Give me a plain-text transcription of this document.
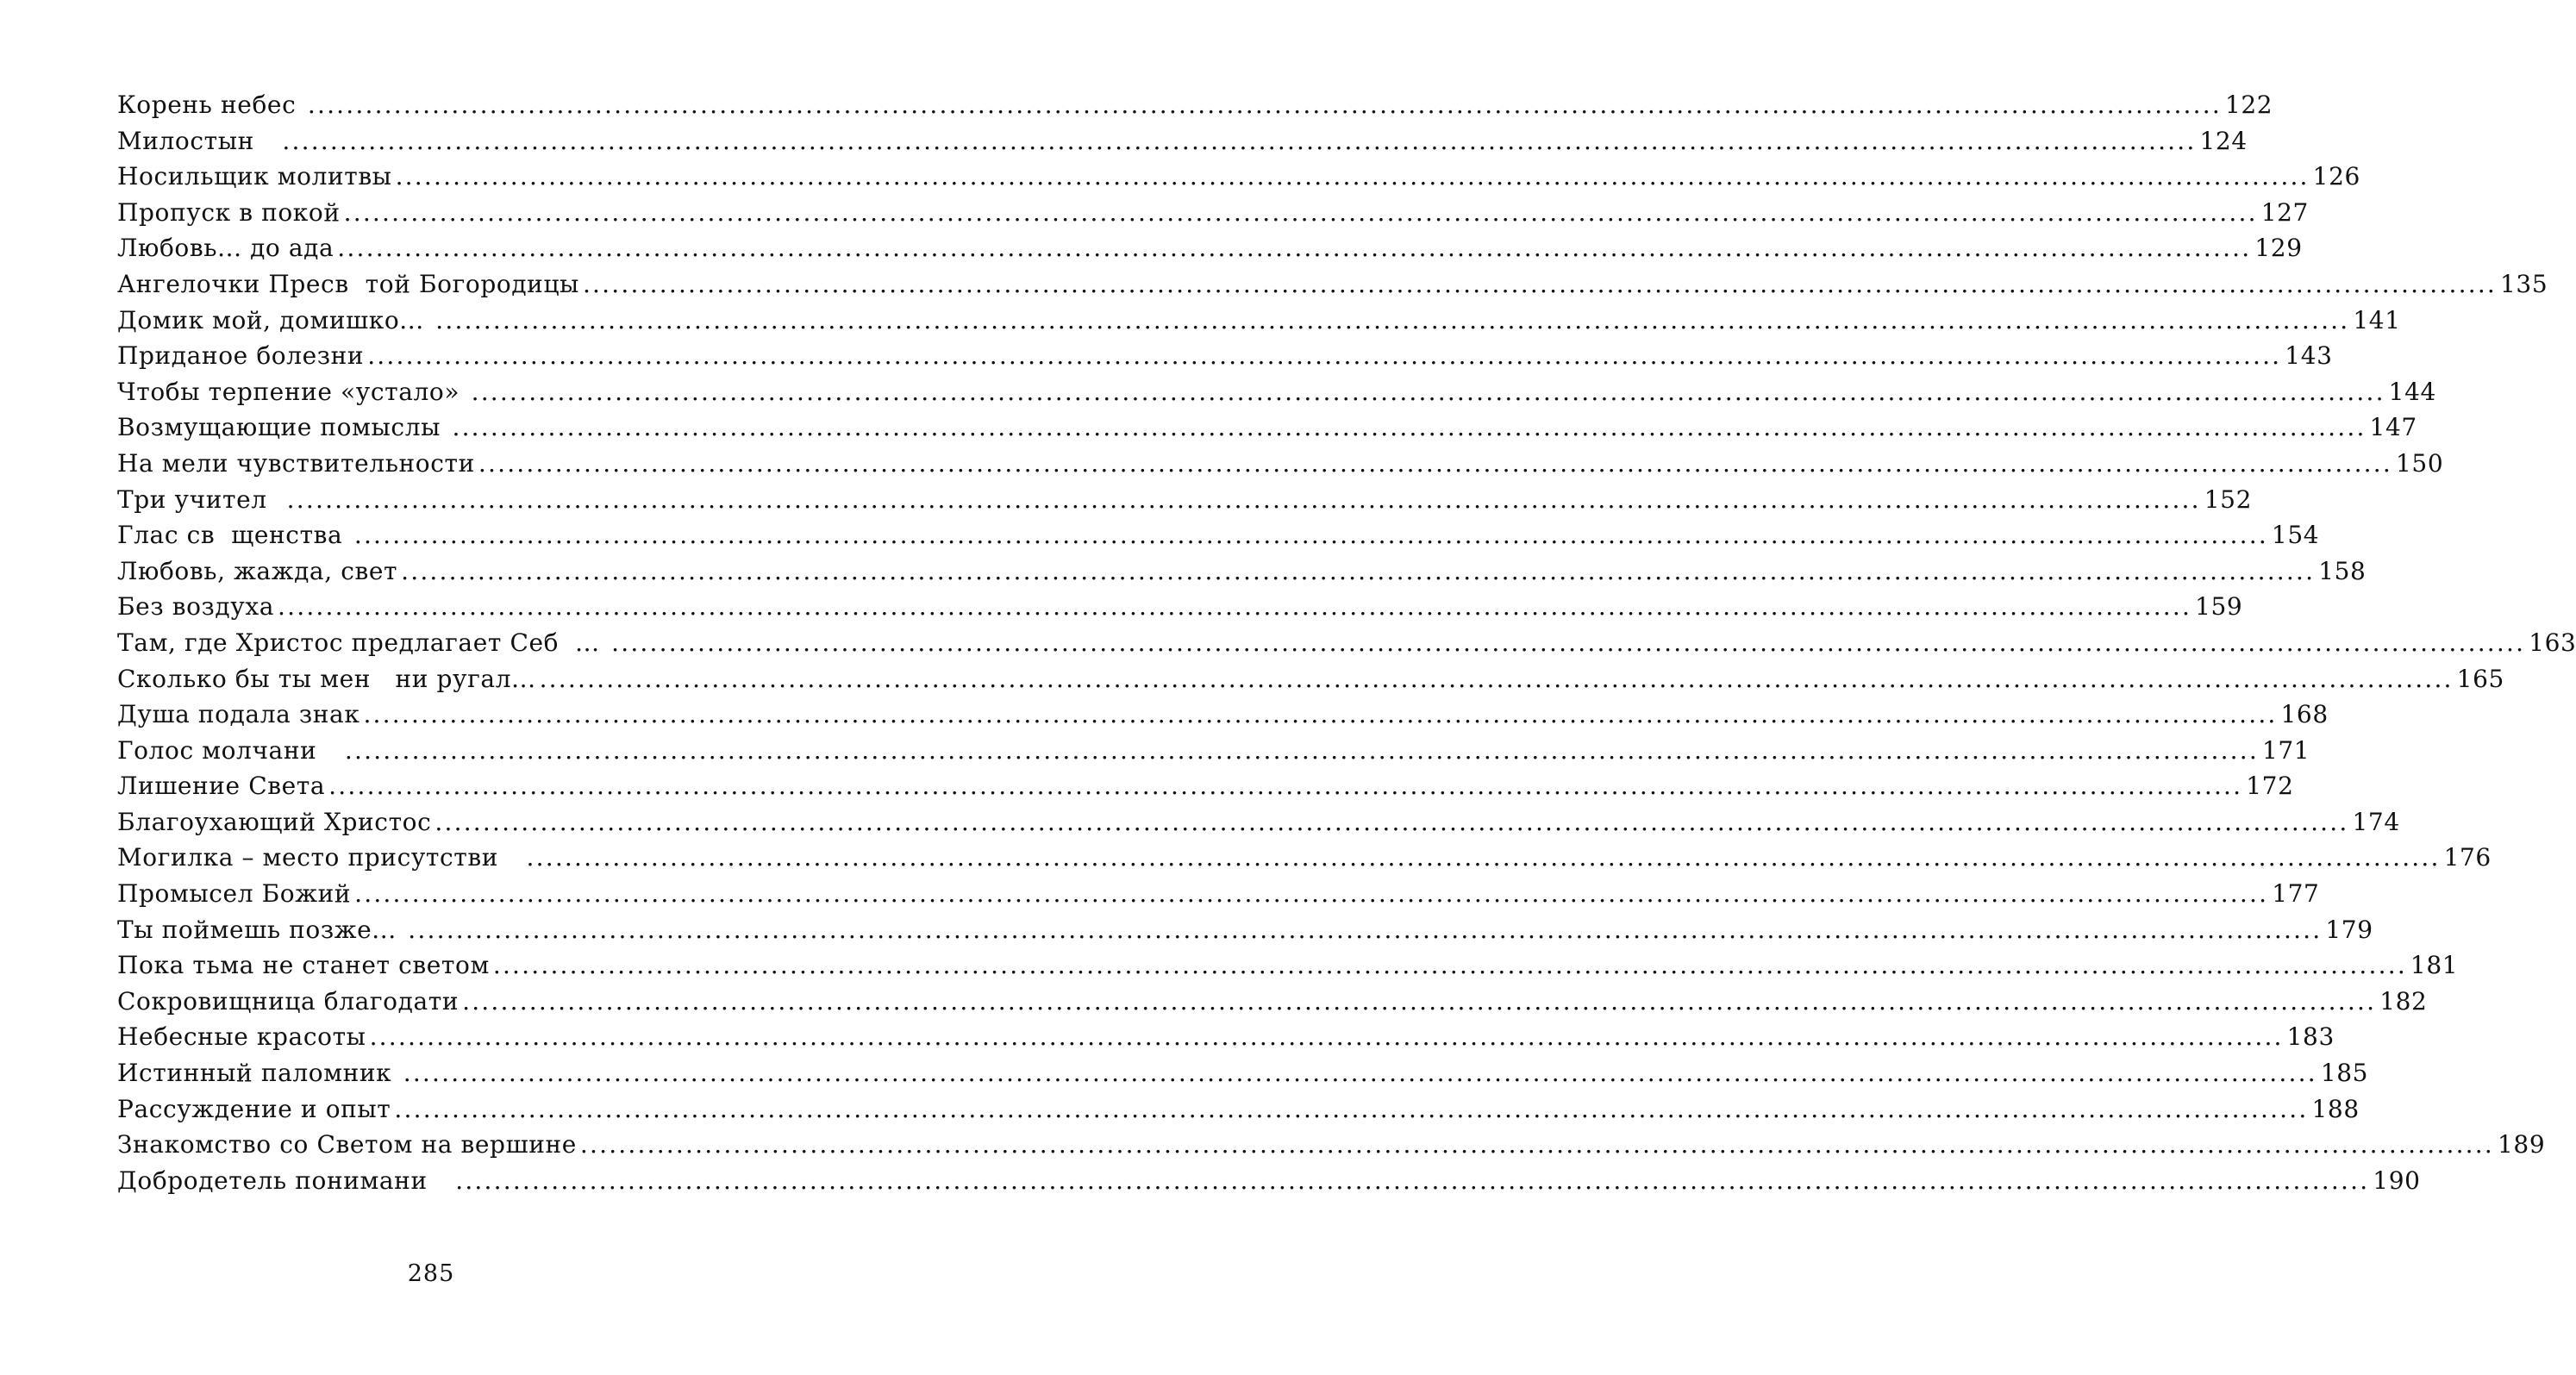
Корень небес ........................................................................................................................................................................................................ 122
Милостын ........................................................................................................................................................................................................ 124
Носильщик молитвы ........................................................................................................................................................................................................ 126
Пропуск в покой ........................................................................................................................................................................................................ 127
Любовь... до ада ........................................................................................................................................................................................................ 129
Ангелочки Пресв  той Богородицы ........................................................................................................................................................................................................ 135
Домик мой, домишко... ........................................................................................................................................................................................................ 141
Приданое болезни ........................................................................................................................................................................................................ 143
Чтобы терпение «устало» ........................................................................................................................................................................................................ 144
Возмущающие помыслы ........................................................................................................................................................................................................ 147
На мели чувствительности ........................................................................................................................................................................................................ 150
Три учител ........................................................................................................................................................................................................ 152
Глас св  щенства ........................................................................................................................................................................................................ 154
Любовь, жажда, свет ........................................................................................................................................................................................................ 158
Без воздуха ........................................................................................................................................................................................................ 159
Там, где Христос предлагает Себ  ... ........................................................................................................................................................................................................ 163
Сколько бы ты мен   ни ругал... ........................................................................................................................................................................................................ 165
Душа подала знак ........................................................................................................................................................................................................ 168
Голос молчани ........................................................................................................................................................................................................ 171
Лишение Света ........................................................................................................................................................................................................ 172
Благоухающий Христос ........................................................................................................................................................................................................ 174
Могилка – место присутстви ........................................................................................................................................................................................................ 176
Промысел Божий ........................................................................................................................................................................................................ 177
Ты поймешь позже... ........................................................................................................................................................................................................ 179
Пока тьма не станет светом ........................................................................................................................................................................................................ 181
Сокровищница благодати ........................................................................................................................................................................................................ 182
Небесные красоты ........................................................................................................................................................................................................ 183
Истинный паломник ........................................................................................................................................................................................................ 185
Рассуждение и опыт ........................................................................................................................................................................................................ 188
Знакомство со Светом на вершине ........................................................................................................................................................................................................ 189
Добродетель понимани ........................................................................................................................................................................................................ 190
285
